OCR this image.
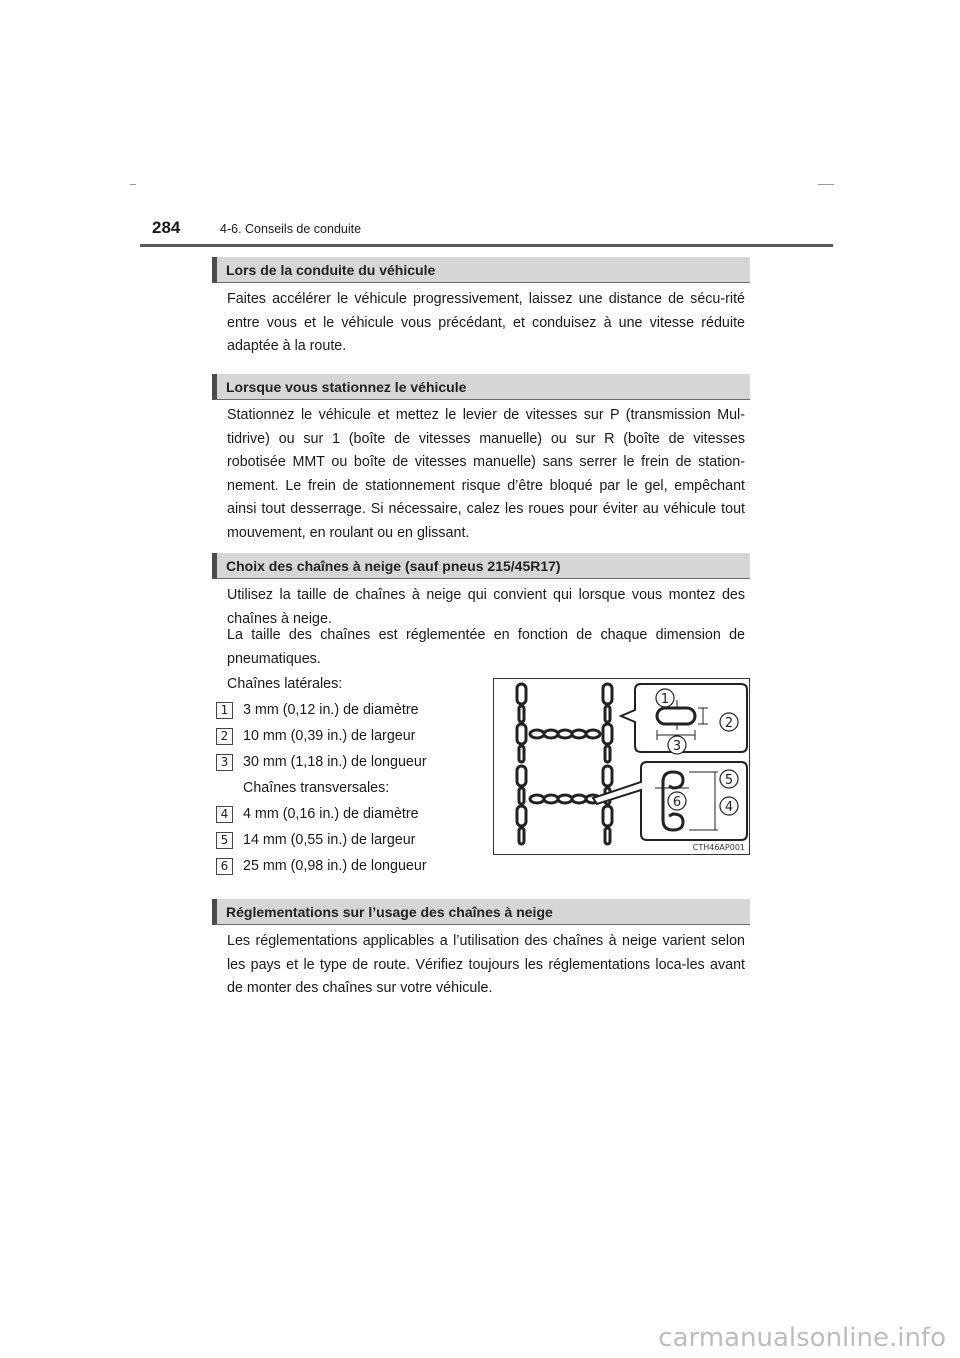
284	4-6. Conseils de conduite
Lors de la conduite du véhicule
Faites accélérer le véhicule progressivement, laissez une distance de sécu-rité entre vous et le véhicule vous précédant, et conduisez à une vitesse réduite adaptée à la route.
Lorsque vous stationnez le véhicule
Stationnez le véhicule et mettez le levier de vitesses sur P (transmission Mul-tidrive) ou sur 1 (boîte de vitesses manuelle) ou sur R (boîte de vitesses robotisée MMT ou boîte de vitesses manuelle) sans serrer le frein de station-nement. Le frein de stationnement risque d’être bloqué par le gel, empêchant ainsi tout desserrage. Si nécessaire, calez les roues pour éviter au véhicule tout mouvement, en roulant ou en glissant.
Choix des chaînes à neige (sauf pneus 215/45R17)
Utilisez la taille de chaînes à neige qui convient qui lorsque vous montez des chaînes à neige.
La taille des chaînes est réglementée en fonction de chaque dimension de pneumatiques.
Chaînes latérales:
1	3 mm (0,12 in.) de diamètre
2	10 mm (0,39 in.) de largeur
3	30 mm (1,18 in.) de longueur
Chaînes transversales:
4	4 mm (0,16 in.) de diamètre
5	14 mm (0,55 in.) de largeur
6	25 mm (0,98 in.) de longueur
1
2
3
5
6	4
CTH46AP001
Réglementations sur l’usage des chaînes à neige
Les réglementations applicables a l’utilisation des chaînes à neige varient selon les pays et le type de route. Vérifiez toujours les réglementations loca-les avant de monter des chaînes sur votre véhicule.
carmanualsonline.info
